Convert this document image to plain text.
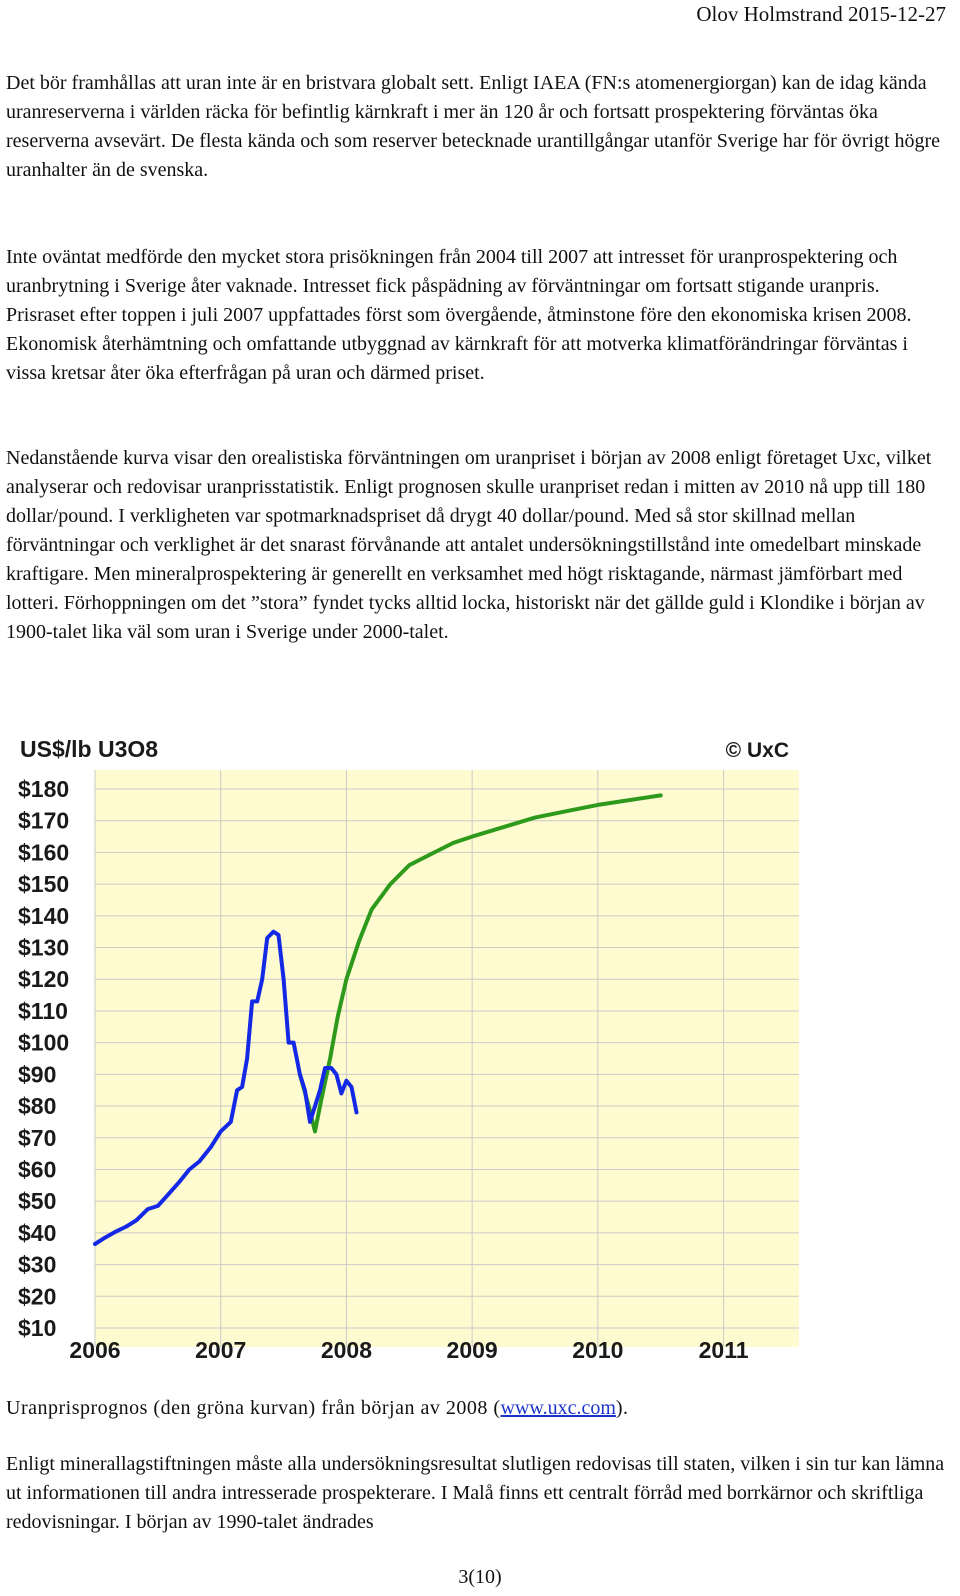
Olov Holmstrand 2015-12-27

Det bör framhållas att uran inte är en bristvara globalt sett. Enligt IAEA (FN:s atomenergiorgan) kan de idag kända uranreserverna i världen räcka för befintlig kärnkraft i mer än 120 år och fortsatt prospektering förväntas öka reserverna avsevärt. De flesta kända och som reserver betecknade urantillgångar utanför Sverige har för övrigt högre uranhalter än de svenska.

Inte oväntat medförde den mycket stora prisökningen från 2004 till 2007 att intresset för uranprospektering och uranbrytning i Sverige åter vaknade. Intresset fick påspädning av förväntningar om fortsatt stigande uranpris. Prisraset efter toppen i juli 2007 uppfattades först som övergående, åtminstone före den ekonomiska krisen 2008. Ekonomisk återhämtning och omfattande utbyggnad av kärnkraft för att motverka klimatförändringar förväntas i vissa kretsar åter öka efterfrågan på uran och därmed priset.

Nedanstående kurva visar den orealistiska förväntningen om uranpriset i början av 2008 enligt företaget Uxc, vilket analyserar och redovisar uranprisstatistik. Enligt prognosen skulle uranpriset redan i mitten av 2010 nå upp till 180 dollar/pound. I verkligheten var spotmarknadspriset då drygt 40 dollar/pound. Med så stor skillnad mellan förväntningar och verklighet är det snarast förvånande att antalet undersökningstillstånd inte omedelbart minskade kraftigare. Men mineralprospektering är generellt en verksamhet med högt risktagande, närmast jämförbart med lotteri. Förhoppningen om det ”stora” fyndet tycks alltid locka, historiskt när det gällde guld i Klondike i början av 1900-talet lika väl som uran i Sverige under 2000-talet.

$10
$20
$30
$40
$50
$60
$70
$80
$90
$100
$110
$120
$130
$140
$150
$160
$170
$180
2006	2007	2008	2009	2010	2011
US$/lb U3O8	© UxC
Uranprisprognos (den gröna kurvan) från början av 2008 (www.uxc.com).

Enligt minerallagstiftningen måste alla undersökningsresultat slutligen redovisas till staten, vilken i sin tur kan lämna ut informationen till andra intresserade prospekterare. I Malå finns ett centralt förråd med borrkärnor och skriftliga redovisningar. I början av 1990-talet ändrades

3(10)
